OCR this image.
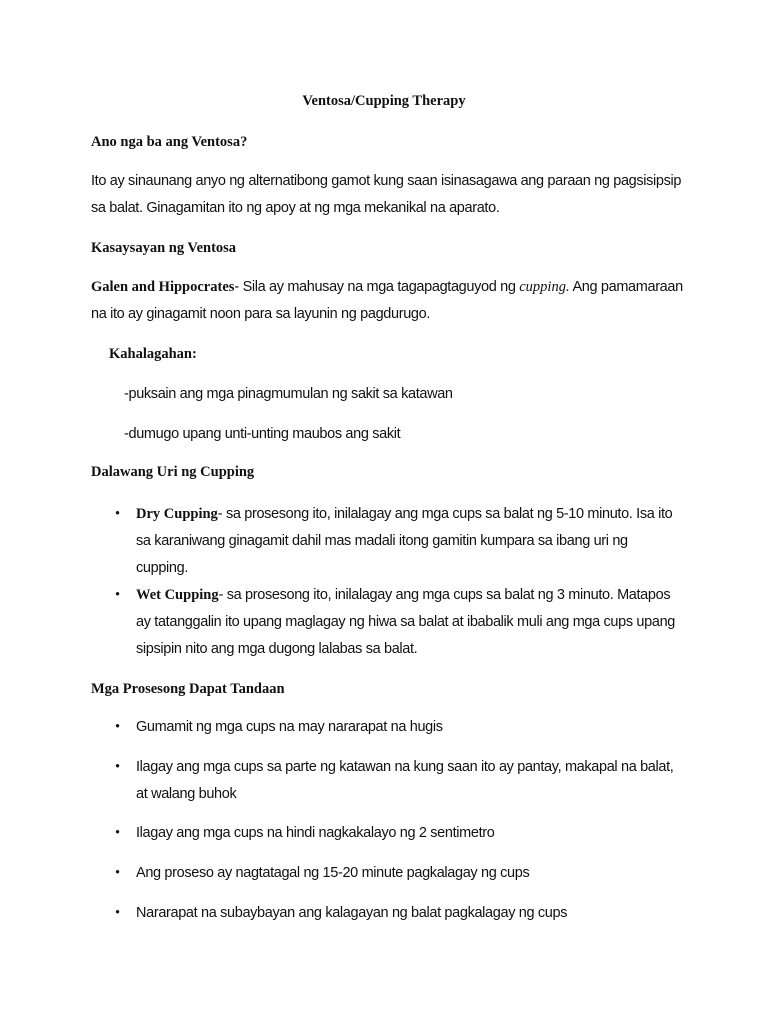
Ventosa/Cupping Therapy
Ano nga ba ang Ventosa?

Ito ay sinaunang anyo ng alternatibong gamot kung saan isinasagawa ang paraan ng pagsisipsip sa balat. Ginagamitan ito ng apoy at ng mga mekanikal na aparato.

Kasaysayan ng Ventosa

Galen and Hippocrates- Sila ay mahusay na mga tagapagtaguyod ng cupping. Ang pamamaraan na ito ay ginagamit noon para sa layunin ng pagdurugo.

Kahalagahan:

-puksain ang mga pinagmumulan ng sakit sa katawan

-dumugo upang unti-unting maubos ang sakit

Dalawang Uri ng Cupping
• Dry Cupping- sa prosesong ito, inilalagay ang mga cups sa balat ng 5-10 minuto. Isa ito sa karaniwang ginagamit dahil mas madali itong gamitin kumpara sa ibang uri ng cupping.
• Wet Cupping- sa prosesong ito, inilalagay ang mga cups sa balat ng 3 minuto. Matapos ay tatanggalin ito upang maglagay ng hiwa sa balat at ibabalik muli ang mga cups upang sipsipin nito ang mga dugong lalabas sa balat.
Mga Prosesong Dapat Tandaan
• Gumamit ng mga cups na may nararapat na hugis
• Ilagay ang mga cups sa parte ng katawan na kung saan ito ay pantay, makapal na balat, at walang buhok
• Ilagay ang mga cups na hindi nagkakalayo ng 2 sentimetro
• Ang proseso ay nagtatagal ng 15-20 minute pagkalagay ng cups
• Nararapat na subaybayan ang kalagayan ng balat pagkalagay ng cups
